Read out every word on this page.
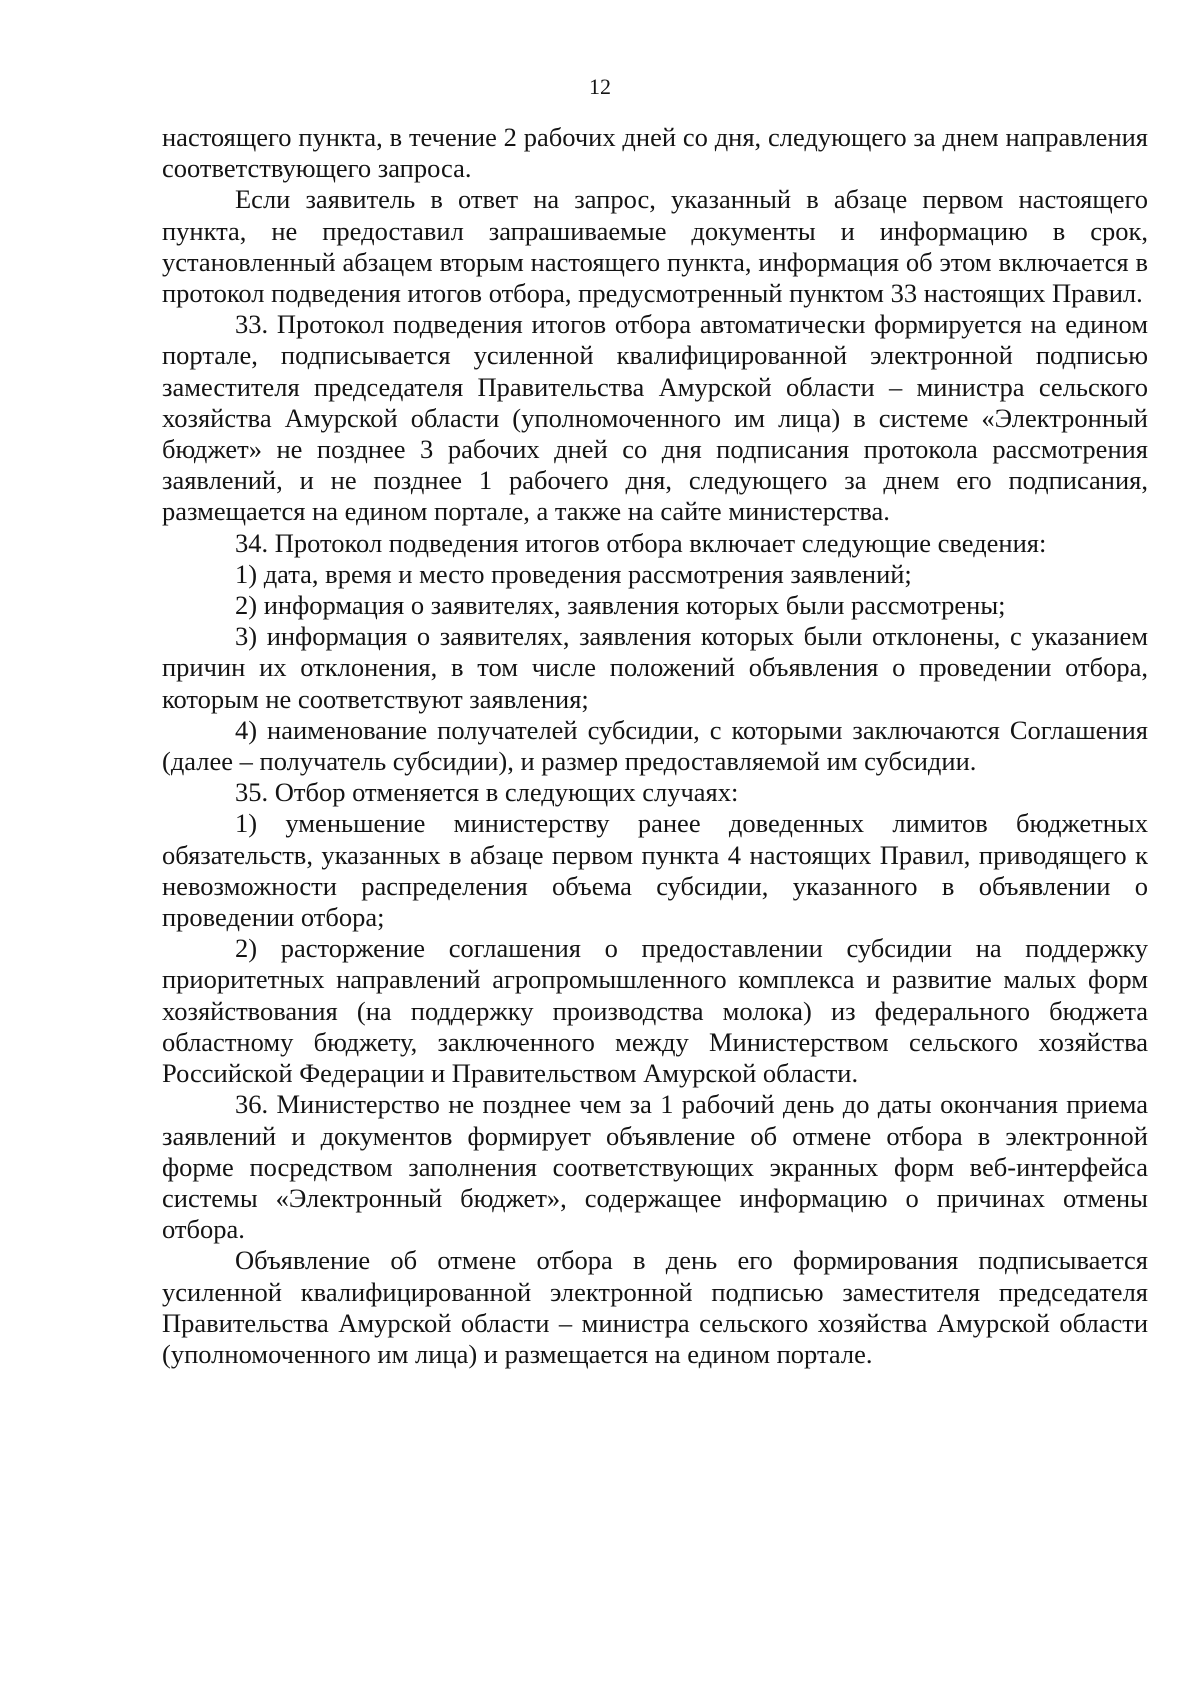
12

настоящего пункта, в течение 2 рабочих дней со дня, следующего за днем направления соответствующего запроса.

Если заявитель в ответ на запрос, указанный в абзаце первом настоящего пункта, не предоставил запрашиваемые документы и информацию в срок, установленный абзацем вторым настоящего пункта, информация об этом включается в протокол подведения итогов отбора, предусмотренный пунктом 33 настоящих Правил.

33. Протокол подведения итогов отбора автоматически формируется на едином портале, подписывается усиленной квалифицированной электронной подписью заместителя председателя Правительства Амурской области – министра сельского хозяйства Амурской области (уполномоченного им лица) в системе «Электронный бюджет» не позднее 3 рабочих дней со дня подписания протокола рассмотрения заявлений, и не позднее 1 рабочего дня, следующего за днем его подписания, размещается на едином портале, а также на сайте министерства.

34. Протокол подведения итогов отбора включает следующие сведения:

1) дата, время и место проведения рассмотрения заявлений;

2) информация о заявителях, заявления которых были рассмотрены;

3) информация о заявителях, заявления которых были отклонены, с указанием причин их отклонения, в том числе положений объявления о проведении отбора, которым не соответствуют заявления;

4) наименование получателей субсидии, с которыми заключаются Соглашения (далее – получатель субсидии), и размер предоставляемой им субсидии.

35. Отбор отменяется в следующих случаях:

1) уменьшение министерству ранее доведенных лимитов бюджетных обязательств, указанных в абзаце первом пункта 4 настоящих Правил, приводящего к невозможности распределения объема субсидии, указанного в объявлении о проведении отбора;

2) расторжение соглашения о предоставлении субсидии на поддержку приоритетных направлений агропромышленного комплекса и развитие малых форм хозяйствования (на поддержку производства молока) из федерального бюджета областному бюджету, заключенного между Министерством сельского хозяйства Российской Федерации и Правительством Амурской области.

36. Министерство не позднее чем за 1 рабочий день до даты окончания приема заявлений и документов формирует объявление об отмене отбора в электронной форме посредством заполнения соответствующих экранных форм веб-интерфейса системы «Электронный бюджет», содержащее информацию о причинах отмены отбора.

Объявление об отмене отбора в день его формирования подписывается усиленной квалифицированной электронной подписью заместителя председателя Правительства Амурской области – министра сельского хозяйства Амурской области (уполномоченного им лица) и размещается на едином портале.
